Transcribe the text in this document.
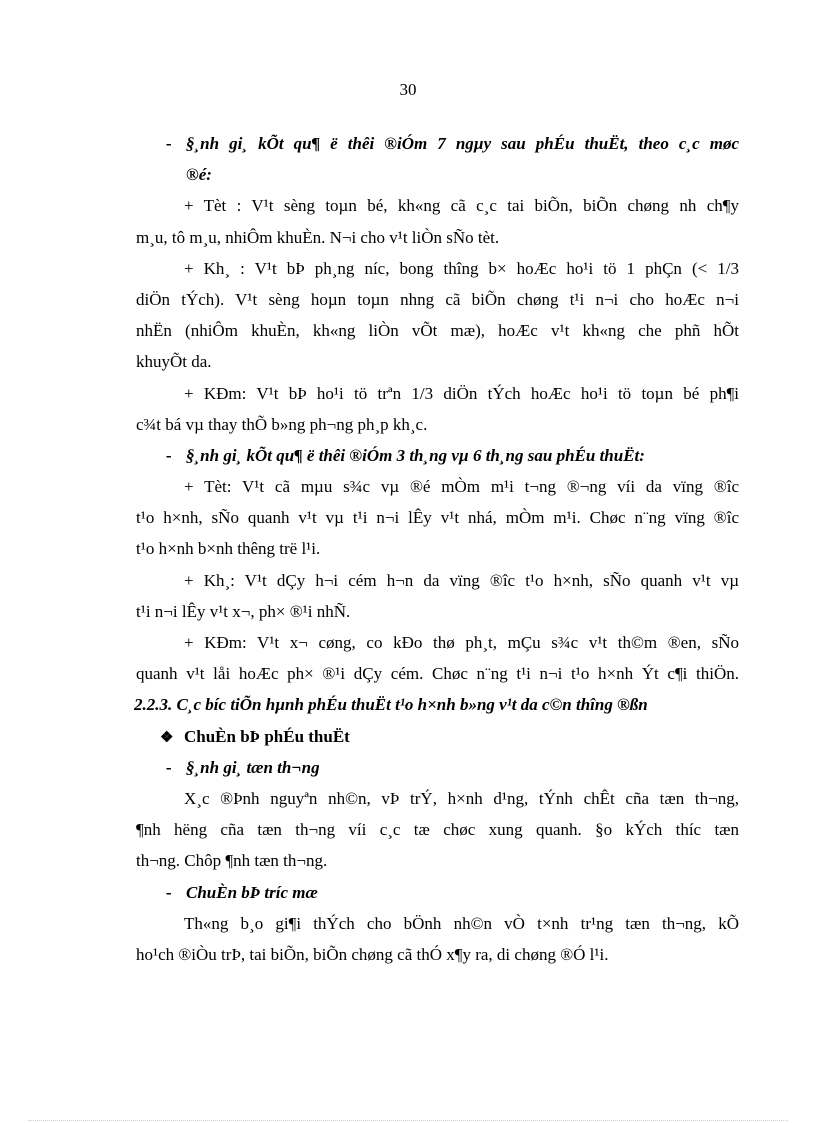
30
- §¸nh gi¸ kÕt qu¶ ë thêi ®iÓm 7 ngµy sau phÉu thuËt, theo c¸c møc
®é:
+ Tèt : V¹t sèng toµn bé, kh«ng cã c¸c tai biÕn, biÕn chøng nh ch¶y
m¸u, tô m¸u, nhiÔm khuÈn. N¬i cho v¹t liÒn sÑo tèt.
+ Kh¸ : V¹t bÞ ph¸ng níc, bong thîng b× hoÆc ho¹i tö 1 phÇn (< 1/3
diÖn tÝch). V¹t sèng hoµn toµn nhng cã biÕn chøng t¹i n¬i cho hoÆc n¬i
nhËn (nhiÔm khuÈn, kh«ng liÒn vÕt mæ), hoÆc v¹t kh«ng che phñ hÕt
khuyÕt da.
+ KÐm: V¹t bÞ ho¹i tö trªn 1/3 diÖn tÝch hoÆc ho¹i tö toµn bé ph¶i
c¾t bá vµ thay thÕ b»ng ph¬ng ph¸p kh¸c.
- §¸nh gi¸ kÕt qu¶ ë thêi ®iÓm 3 th¸ng vµ 6 th¸ng sau phÉu thuËt:
+ Tèt: V¹t cã mµu s¾c vµ ®é mÒm m¹i t¬ng ®¬ng víi da vïng ®îc
t¹o h×nh, sÑo quanh v¹t vµ t¹i n¬i lÊy v¹t nhá, mÒm m¹i. Chøc n¨ng vïng ®îc
t¹o h×nh b×nh thêng trë l¹i.
+ Kh¸: V¹t dÇy h¬i cém h¬n da vïng ®îc t¹o h×nh, sÑo quanh v¹t vµ
t¹i n¬i lÊy v¹t x¬, ph× ®¹i nhÑ.
+ KÐm: V¹t x¬ cøng, co kÐo thø ph¸t, mÇu s¾c v¹t th©m ®en, sÑo
quanh v¹t låi hoÆc ph× ®¹i dÇy cém. Chøc n¨ng t¹i n¬i t¹o h×nh Ýt c¶i thiÖn.
2.2.3. C¸c bíc tiÕn hµnh phÉu thuËt t¹o h×nh b»ng v¹t da c©n thîng ®ßn
❖ ChuÈn bÞ phÉu thuËt
- §¸nh gi¸ tæn th¬ng
X¸c ®Þnh nguyªn nh©n, vÞ trÝ, h×nh d¹ng, tÝnh chÊt cña tæn th¬ng,
¶nh hëng cña tæn th¬ng víi c¸c tæ chøc xung quanh. §o kÝch thíc tæn
th¬ng. Chôp ¶nh tæn th¬ng.
- ChuÈn bÞ tríc mæ
Th«ng b¸o gi¶i thÝch cho bÖnh nh©n vÒ t×nh tr¹ng tæn th¬ng, kÕ
ho¹ch ®iÒu trÞ, tai biÕn, biÕn chøng cã thÓ x¶y ra, di chøng ®Ó l¹i.
